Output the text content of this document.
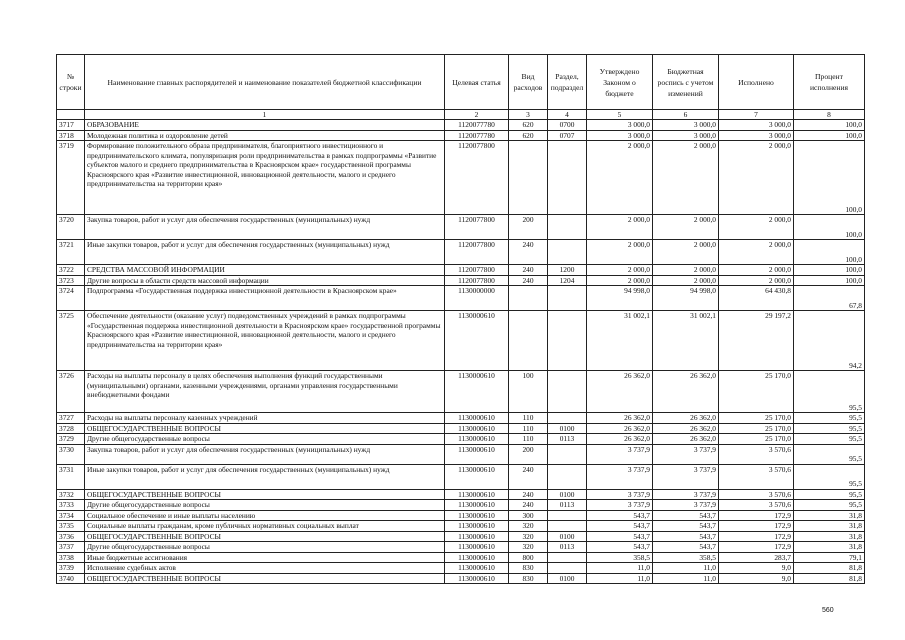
№ строки	Наименование главных распорядителей и наименование показателей бюджетной классификации	Целевая статья	Вид расходов	Раздел, подраздел	Утверждено Законом о бюджете	Бюджетная роспись с учетом изменений	Исполнено	Процент исполнения
	1	2	3	4	5	6	7	8
3717	ОБРАЗОВАНИЕ	1120077780	620	0700	3 000,0	3 000,0	3 000,0	100,0
3718	Молодежная политика и оздоровление детей	1120077780	620	0707	3 000,0	3 000,0	3 000,0	100,0
3719	Формирование положительного образа предпринимателя, благоприятного инвестиционного и предпринимательского климата, популяризация роли предпринимательства в рамках подпрограммы «Развитие субъектов малого и среднего предпринимательства в Красноярском крае» государственной программы Красноярского края «Развитие инвестиционной, инновационной деятельности, малого и среднего предпринимательства на территории края»	1120077800			2 000,0	2 000,0	2 000,0	100,0
3720	Закупка товаров, работ и услуг для обеспечения государственных (муниципальных) нужд	1120077800	200		2 000,0	2 000,0	2 000,0	100,0
3721	Иные закупки товаров, работ и услуг для обеспечения государственных (муниципальных) нужд	1120077800	240		2 000,0	2 000,0	2 000,0	100,0
3722	СРЕДСТВА МАССОВОЙ ИНФОРМАЦИИ	1120077800	240	1200	2 000,0	2 000,0	2 000,0	100,0
3723	Другие вопросы в области средств массовой информации	1120077800	240	1204	2 000,0	2 000,0	2 000,0	100,0
3724	Подпрограмма «Государственная поддержка инвестиционной деятельности в Красноярском крае»	1130000000			94 998,0	94 998,0	64 430,8	67,8
3725	Обеспечение деятельности (оказание услуг) подведомственных учреждений в рамках подпрограммы «Государственная поддержка инвестиционной деятельности в Красноярском крае» государственной программы Красноярского края «Развитие инвестиционной, инновационной деятельности, малого и среднего предпринимательства на территории края»	1130000610			31 002,1	31 002,1	29 197,2	94,2
3726	Расходы на выплаты персоналу в целях обеспечения выполнения функций государственными (муниципальными) органами, казенными учреждениями, органами управления государственными внебюджетными фондами	1130000610	100		26 362,0	26 362,0	25 170,0	95,5
3727	Расходы на выплаты персоналу казенных учреждений	1130000610	110		26 362,0	26 362,0	25 170,0	95,5
3728	ОБЩЕГОСУДАРСТВЕННЫЕ ВОПРОСЫ	1130000610	110	0100	26 362,0	26 362,0	25 170,0	95,5
3729	Другие общегосударственные вопросы	1130000610	110	0113	26 362,0	26 362,0	25 170,0	95,5
3730	Закупка товаров, работ и услуг для обеспечения государственных (муниципальных) нужд	1130000610	200		3 737,9	3 737,9	3 570,6	95,5
3731	Иные закупки товаров, работ и услуг для обеспечения государственных (муниципальных) нужд	1130000610	240		3 737,9	3 737,9	3 570,6	95,5
3732	ОБЩЕГОСУДАРСТВЕННЫЕ ВОПРОСЫ	1130000610	240	0100	3 737,9	3 737,9	3 570,6	95,5
3733	Другие общегосударственные вопросы	1130000610	240	0113	3 737,9	3 737,9	3 570,6	95,5
3734	Социальное обеспечение и иные выплаты населению	1130000610	300		543,7	543,7	172,9	31,8
3735	Социальные выплаты гражданам, кроме публичных нормативных социальных выплат	1130000610	320		543,7	543,7	172,9	31,8
3736	ОБЩЕГОСУДАРСТВЕННЫЕ ВОПРОСЫ	1130000610	320	0100	543,7	543,7	172,9	31,8
3737	Другие общегосударственные вопросы	1130000610	320	0113	543,7	543,7	172,9	31,8
3738	Иные бюджетные ассигнования	1130000610	800		358,5	358,5	283,7	79,1
3739	Исполнение судебных актов	1130000610	830		11,0	11,0	9,0	81,8
3740	ОБЩЕГОСУДАРСТВЕННЫЕ ВОПРОСЫ	1130000610	830	0100	11,0	11,0	9,0	81,8
560
